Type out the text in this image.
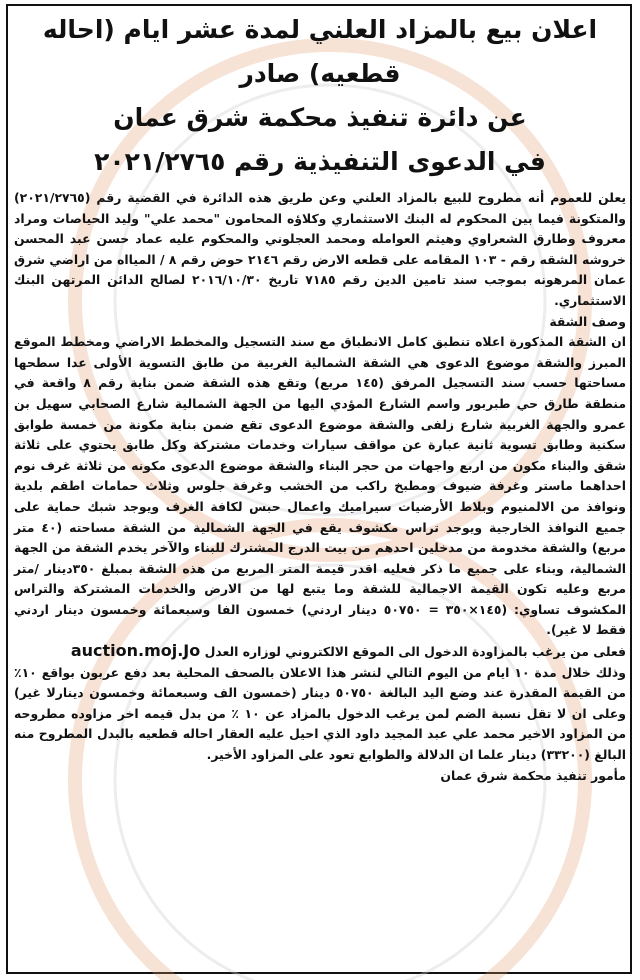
اعلان بيع بالمزاد العلني لمدة عشر ايام (احاله قطعيه) صادر
عن دائرة تنفيذ محكمة شرق عمان
في الدعوى التنفيذية رقم ٢٠٢١/٢٧٦٥

يعلن للعموم أنه مطروح للبيع بالمزاد العلني وعن طريق هذه الدائرة في القضية رقم (٢٠٢١/٢٧٦٥) والمتكونة فيما بين المحكوم له البنك الاستثماري وكلاؤه المحامون "محمد علي" وليد الحياصات ومراد معروف وطارق الشعراوي وهيثم العوامله ومحمد العجلوني والمحكوم عليه عماد حسن عبد المحسن خروشه الشقه رقم - ١٠٣ المقامه على قطعه الارض رقم ٢١٤٦ حوض رقم ٨ / الميااه من اراضي شرق عمان المرهونه بموجب سند تامين الدين رقم ٧١٨٥ تاريخ ٢٠١٦/١٠/٣٠ لصالح الدائن المرتهن البنك الاستثماري.

وصف الشقة

ان الشقة المذكورة اعلاه تنطبق كامل الانطباق مع سند التسجيل والمخطط الاراضي ومخطط الموقع المبرز والشقة موضوع الدعوى هي الشقة الشمالية الغربية من طابق التسوية الأولى عدا سطحها مساحتها حسب سند التسجيل المرفق (١٤٥ مربع) وتقع هذه الشقة ضمن بناية رقم ٨ واقعة في منطقة طارق حي طبربور واسم الشارع المؤدي اليها من الجهة الشمالية شارع الصحابي سهيل بن عمرو والجهة الغربية شارع زلفى والشقة موضوع الدعوى تقع ضمن بناية مكونة من خمسة طوابق سكنية وطابق تسوية ثانية عبارة عن مواقف سيارات وخدمات مشتركة وكل طابق يحتوي على ثلاثة شقق والبناء مكون من اربع واجهات من حجر البناء والشقة موضوع الدعوى مكونه من ثلاثة غرف نوم احداهما ماستر وغرفة ضيوف ومطبخ راكب من الخشب وغرفة جلوس وثلاث حمامات اطقم بلدية ونوافذ من الالمنيوم وبلاط الأرضيات سيراميك واعمال حبس لكافة الغرف ويوجد شبك حماية على جميع النوافذ الخارجية ويوجد تراس مكشوف يقع في الجهة الشمالية من الشقة مساحته (٤٠ متر مربع) والشقة مخدومة من مدخلين احدهم من بيت الدرج المشترك للبناء والآخر يخدم الشقة من الجهة الشمالية، وبناء على جميع ما ذكر فعليه اقدر قيمة المتر المربع من هذه الشقة بمبلغ ٣٥٠دينار /متر مربع وعليه تكون القيمة الاجمالية للشقة وما يتبع لها من الارض والخدمات المشتركة والتراس المكشوف تساوي: (١٤٥×٣٥٠ = ٥٠٧٥٠ دينار اردني) خمسون الفا وسبعمائة وخمسون دينار اردني فقط لا غير).

فعلى من يرغب بالمزاودة الدخول الى الموقع الالكتروني لوزاره العدل auction.moj.Jo

وذلك خلال مدة ١٠ ايام من اليوم التالي لنشر هذا الاعلان بالصحف المحلية بعد دفع عربون بواقع ١٠٪ من القيمة المقدرة عند وضع اليد البالغة ٥٠٧٥٠ دينار (خمسون الف وسبعمائة وخمسون دينارلا غير) وعلى ان لا تقل نسبة الضم لمن يرغب الدخول بالمزاد عن ١٠ ٪ من بدل قيمه اخر مزاوده مطروحه من المزاود الاخير محمد علي عبد المجيد داود الذي احيل عليه العقار احاله قطعيه بالبدل المطروح منه البالغ (٣٣٢٠٠) دينار علما ان الدلالة والطوابع تعود على المزاود الأخير.

مأمور تنفيذ محكمة شرق عمان
